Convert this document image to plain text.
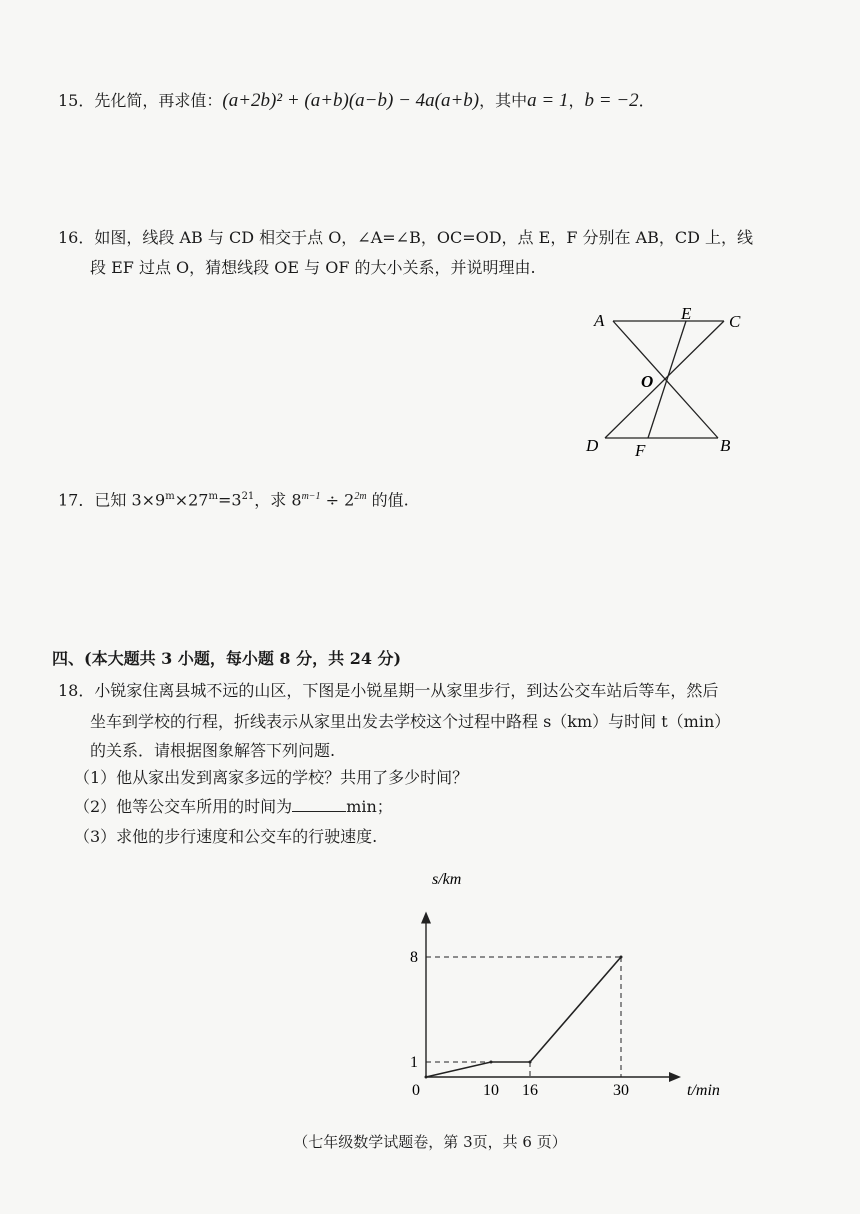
15．先化简，再求值：(a+2b)² + (a+b)(a−b) − 4a(a+b)，其中a = 1，b = −2．
16．如图，线段 AB 与 CD 相交于点 O，∠A=∠B，OC=OD，点 E，F 分别在 AB，CD 上，线
段 EF 过点 O，猜想线段 OE 与 OF 的大小关系，并说明理由.
A	E C
O
D F	B
17．已知 $3\times 9^m\times 27^m=3^{21}$，求 $8^{m-1} \div 2^{2m}$ 的值.
四、(本大题共 3 小题，每小题 8 分，共 24 分)
18．小锐家住离县城不远的山区，下图是小锐星期一从家里步行，到达公交车站后等车，然后
坐车到学校的行程，折线表示从家里出发去学校这个过程中路程 s（km）与时间 t（min）
的关系．请根据图象解答下列问题.
（1）他从家出发到离家多远的学校？共用了多少时间？
（2）他等公交车所用的时间为	min；
（3）求他的步行速度和公交车的行驶速度.
0	10 16	30
1
8
t/min
s/km
（七年级数学试题卷，第 3页，共 6 页）
